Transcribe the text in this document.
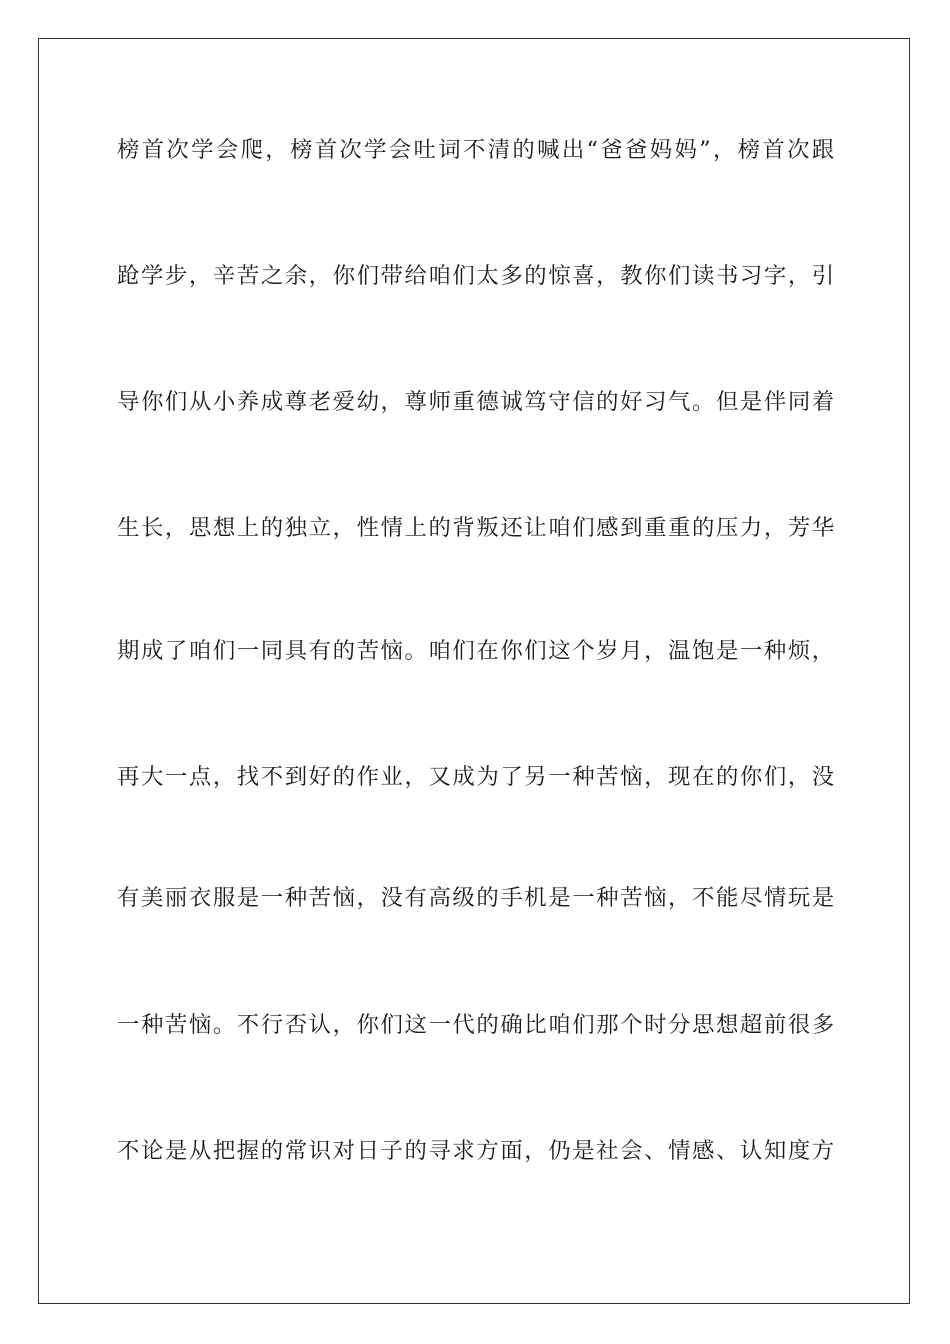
榜首次学会爬，榜首次学会吐词不清的喊出“爸爸妈妈”，榜首次跟
跄学步，辛苦之余，你们带给咱们太多的惊喜，教你们读书习字，引
导你们从小养成尊老爱幼，尊师重德诚笃守信的好习气。但是伴同着
生长，思想上的独立，性情上的背叛还让咱们感到重重的压力，芳华
期成了咱们一同具有的苦恼。咱们在你们这个岁月，温饱是一种烦，
再大一点，找不到好的作业，又成为了另一种苦恼，现在的你们，没
有美丽衣服是一种苦恼，没有高级的手机是一种苦恼，不能尽情玩是
一种苦恼。不行否认，你们这一代的确比咱们那个时分思想超前很多
不论是从把握的常识对日子的寻求方面，仍是社会、情感、认知度方
